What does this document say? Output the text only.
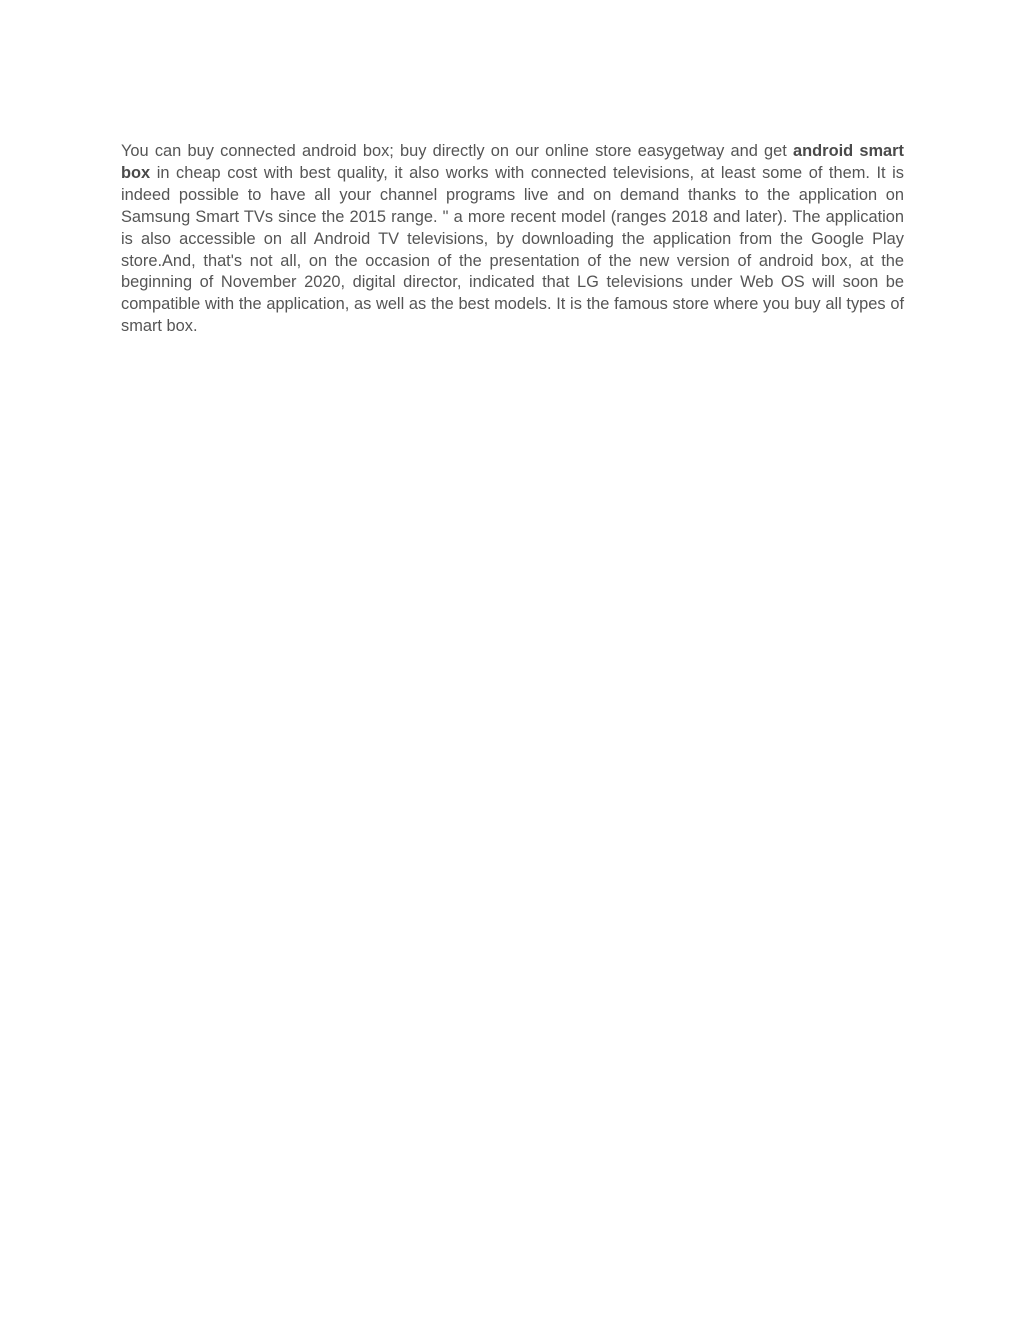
You can buy connected android box; buy directly on our online store easygetway and get android smart box in cheap cost with best quality, it also works with connected televisions, at least some of them. It is indeed possible to have all your channel programs live and on demand thanks to the application on Samsung Smart TVs since the 2015 range. " a more recent model (ranges 2018 and later). The application is also accessible on all Android TV televisions, by downloading the application from the Google Play store.And, that's not all, on the occasion of the presentation of the new version of android box, at the beginning of November 2020, digital director, indicated that LG televisions under Web OS will soon be compatible with the application, as well as the best models. It is the famous store where you buy all types of smart box.
